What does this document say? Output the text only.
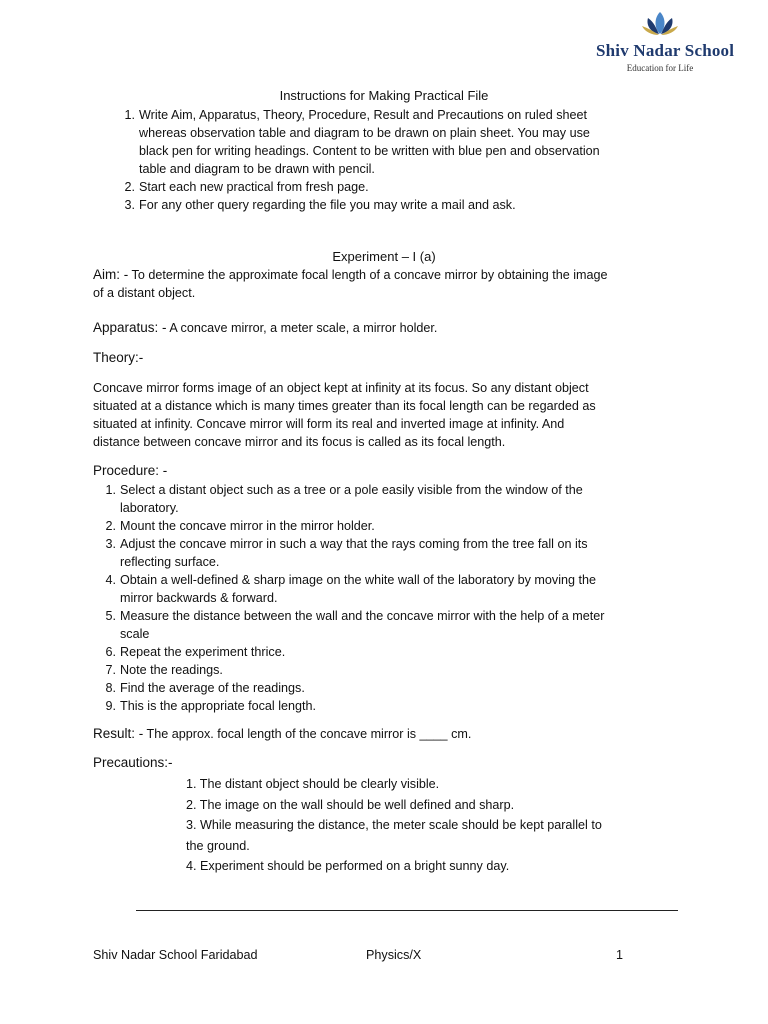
Shiv Nadar School
Education for Life
Instructions for Making Practical File
1. Write Aim, Apparatus, Theory, Procedure, Result and Precautions on ruled sheet
whereas observation table and diagram to be drawn on plain sheet. You may use
black pen for writing headings. Content to be written with blue pen and observation
table and diagram to be drawn with pencil.
2. Start each new practical from fresh page.
3. For any other query regarding the file you may write a mail and ask.
Experiment – I (a)
Aim: - To determine the approximate focal length of a concave mirror by obtaining the image
of a distant object.
Apparatus: - A concave mirror, a meter scale, a mirror holder.
Theory:-
Concave mirror forms image of an object kept at infinity at its focus. So any distant object
situated at a distance which is many times greater than its focal length can be regarded as
situated at infinity. Concave mirror will form its real and inverted image at infinity. And
distance between concave mirror and its focus is called as its focal length.
Procedure: -
1. Select a distant object such as a tree or a pole easily visible from the window of the
laboratory.
2. Mount the concave mirror in the mirror holder.
3. Adjust the concave mirror in such a way that the rays coming from the tree fall on its
reflecting surface.
4. Obtain a well-defined & sharp image on the white wall of the laboratory by moving the
mirror backwards & forward.
5. Measure the distance between the wall and the concave mirror with the help of a meter
scale
6. Repeat the experiment thrice.
7. Note the readings.
8. Find the average of the readings.
9. This is the appropriate focal length.
Result: - The approx. focal length of the concave mirror is ____ cm.
Precautions:-
1. The distant object should be clearly visible.
2. The image on the wall should be well defined and sharp.
3. While measuring the distance, the meter scale should be kept parallel to
the ground.
4. Experiment should be performed on a bright sunny day.
Shiv Nadar School Faridabad	Physics/X	1
